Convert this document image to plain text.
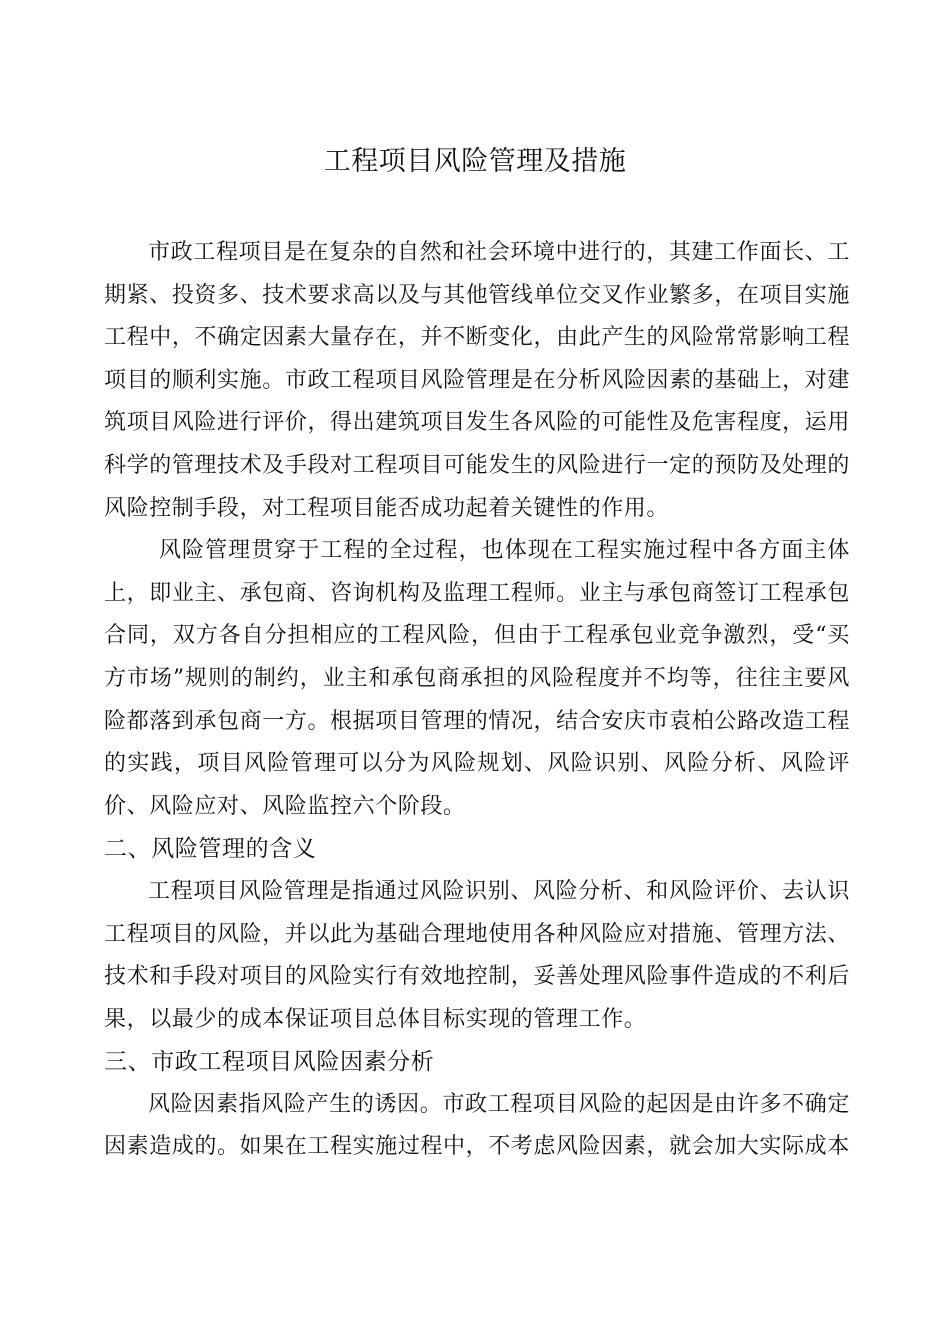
工程项目风险管理及措施

市政工程项目是在复杂的自然和社会环境中进行的，其建工作面长、工期紧、投资多、技术要求高以及与其他管线单位交叉作业繁多，在项目实施工程中，不确定因素大量存在，并不断变化，由此产生的风险常常影响工程项目的顺利实施。市政工程项目风险管理是在分析风险因素的基础上，对建筑项目风险进行评价，得出建筑项目发生各风险的可能性及危害程度，运用科学的管理技术及手段对工程项目可能发生的风险进行一定的预防及处理的风险控制手段，对工程项目能否成功起着关键性的作用。

风险管理贯穿于工程的全过程，也体现在工程实施过程中各方面主体上，即业主、承包商、咨询机构及监理工程师。业主与承包商签订工程承包合同，双方各自分担相应的工程风险，但由于工程承包业竞争激烈，受“买方市场”规则的制约，业主和承包商承担的风险程度并不均等，往往主要风险都落到承包商一方。根据项目管理的情况，结合安庆市袁柏公路改造工程的实践，项目风险管理可以分为风险规划、风险识别、风险分析、风险评价、风险应对、风险监控六个阶段。

二、风险管理的含义

工程项目风险管理是指通过风险识别、风险分析、和风险评价、去认识工程项目的风险，并以此为基础合理地使用各种风险应对措施、管理方法、技术和手段对项目的风险实行有效地控制，妥善处理风险事件造成的不利后果，以最少的成本保证项目总体目标实现的管理工作。

三、市政工程项目风险因素分析

风险因素指风险产生的诱因。市政工程项目风险的起因是由许多不确定因素造成的。如果在工程实施过程中，不考虑风险因素，就会加大实际成本
